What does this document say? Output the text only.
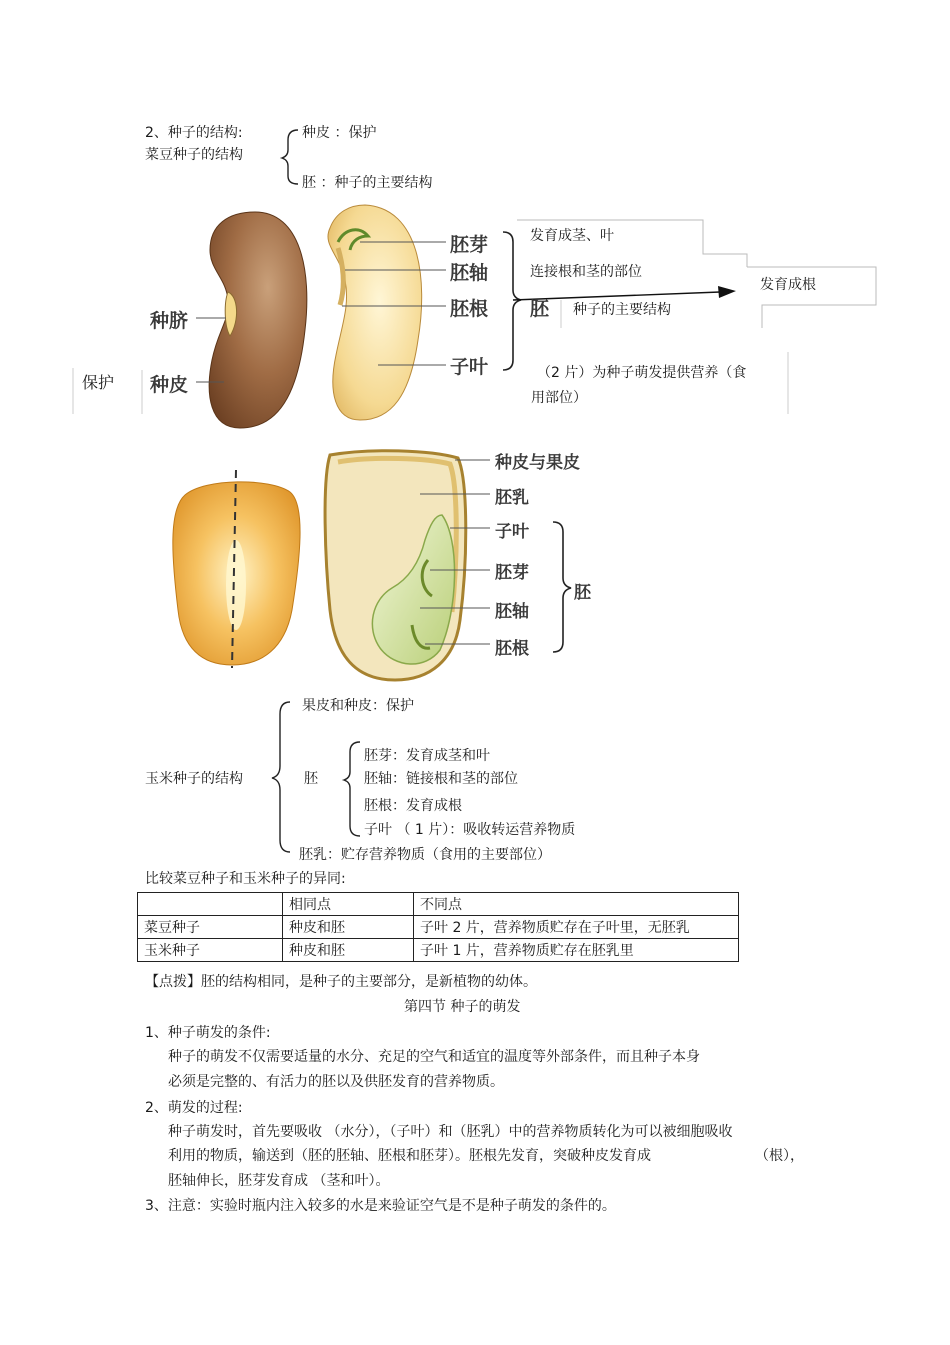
2、种子的结构:
菜豆种子的结构
种皮 ：保护
胚 ：种子的主要结构
种脐
种皮
胚芽
胚轴
胚根
子叶
胚
发育成茎、叶
连接根和茎的部位
发育成根
种子的主要结构
（2 片）为种子萌发提供营养（食
用部位）
保护
种皮与果皮
胚乳
子叶
胚芽
胚轴
胚根
胚
玉米种子的结构
果皮和种皮：保护
胚
胚芽：发育成茎和叶
胚轴：链接根和茎的部位
胚根：发育成根
子叶 （ 1 片）：吸收转运营养物质
胚乳：贮存营养物质（食用的主要部位）
比较菜豆种子和玉米种子的异同:
	相同点	不同点
菜豆种子	种皮和胚	子叶 2 片，营养物质贮存在子叶里，无胚乳
玉米种子	种皮和胚	子叶 1 片，营养物质贮存在胚乳里
【点拨】胚的结构相同，是种子的主要部分，是新植物的幼体。
第四节 种子的萌发
1、种子萌发的条件:
种子的萌发不仅需要适量的水分、充足的空气和适宜的温度等外部条件，而且种子本身
必须是完整的、有活力的胚以及供胚发育的营养物质。
2、萌发的过程:
种子萌发时，首先要吸收 （水分），（子叶）和（胚乳）中的营养物质转化为可以被细胞吸收
利用的物质，输送到（胚的胚轴、胚根和胚芽）。胚根先发育，突破种皮发育成	（根），
胚轴伸长，胚芽发育成 （茎和叶）。
3、注意：实验时瓶内注入较多的水是来验证空气是不是种子萌发的条件的。
